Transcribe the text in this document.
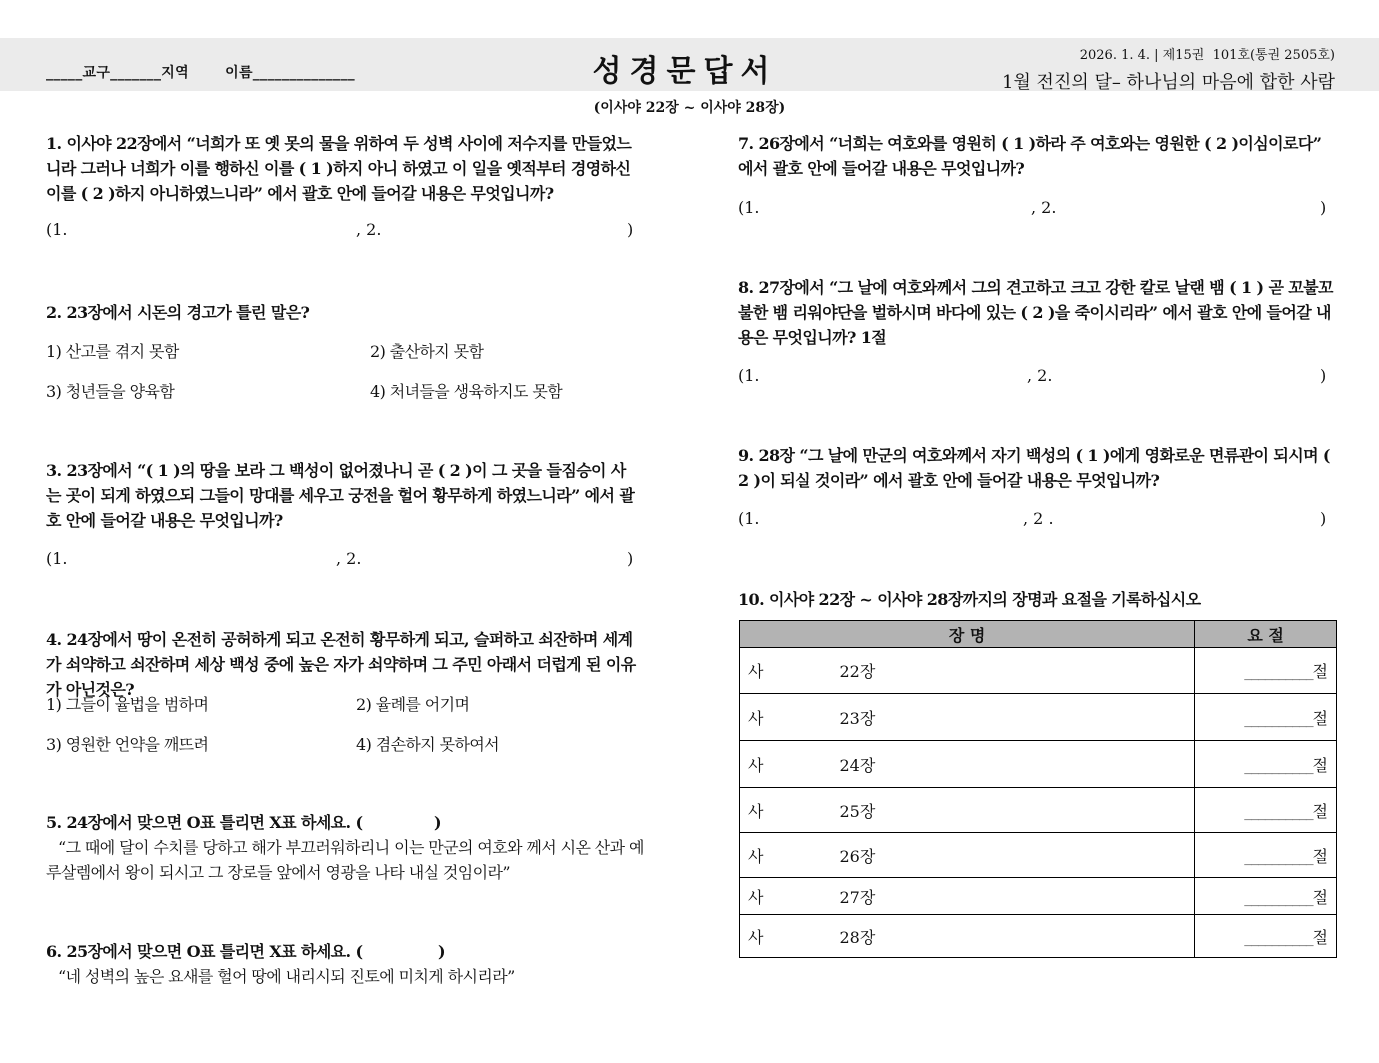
_____교구_______지역       이름______________	성경문답서	2026. 1. 4. | 제15권  101호(통권 2505호)
1월 전진의 달– 하나님의 마음에 합한 사람
(이사야 22장 ~ 이사야 28장)
1. 이사야 22장에서 “너희가 또 옛 못의 물을 위하여 두 성벽 사이에 저수지를 만들었느니라 그러나 너희가 이를 행하신 이를 ( 1 )하지 아니 하였고 이 일을 옛적부터 경영하신 이를 ( 2 )하지 아니하였느니라” 에서 괄호 안에 들어갈 내용은 무엇입니까?
(1.	, 2.	)
2. 23장에서 시돈의 경고가 틀린 말은?
1) 산고를 겪지 못함	2) 출산하지 못함
3) 청년들을 양육함	4) 처녀들을 생육하지도 못함
3. 23장에서 “( 1 )의 땅을 보라 그 백성이 없어졌나니 곧 ( 2 )이 그 곳을 들짐승이 사는 곳이 되게 하였으되 그들이 망대를 세우고 궁전을 헐어 황무하게 하였느니라” 에서 괄호 안에 들어갈 내용은 무엇입니까?
(1.	, 2.	)
4. 24장에서 땅이 온전히 공허하게 되고 온전히 황무하게 되고, 슬퍼하고 쇠잔하며 세계가 쇠약하고 쇠잔하며 세상 백성 중에 높은 자가 쇠약하며 그 주민 아래서 더럽게 된 이유가 아닌것은?
1) 그들이 율법을 범하며	2) 율례를 어기며
3) 영원한 언약을 깨뜨려	4) 겸손하지 못하여서
5. 24장에서 맞으면 O표 틀리면 X표 하세요. (	)
“그 때에 달이 수치를 당하고 해가 부끄러워하리니 이는 만군의 여호와 께서 시온 산과 예루살렘에서 왕이 되시고 그 장로들 앞에서 영광을 나타 내실 것임이라”
6. 25장에서 맞으면 O표 틀리면 X표 하세요. (	)
“네 성벽의 높은 요새를 헐어 땅에 내리시되 진토에 미치게 하시리라”
7. 26장에서 “너희는 여호와를 영원히 ( 1 )하라 주 여호와는 영원한 ( 2 )이심이로다” 에서 괄호 안에 들어갈 내용은 무엇입니까?
(1.	, 2.	)
8. 27장에서 “그 날에 여호와께서 그의 견고하고 크고 강한 칼로 날랜 뱀 ( 1 ) 곧 꼬불꼬불한 뱀 리워야단을 벌하시며 바다에 있는 ( 2 )을 죽이시리라” 에서 괄호 안에 들어갈 내용은 무엇입니까? 1절
(1.	, 2.	)
9. 28장 “그 날에 만군의 여호와께서 자기 백성의 ( 1 )에게 영화로운 면류관이 되시며 ( 2 )이 되실 것이라” 에서 괄호 안에 들어갈 내용은 무엇입니까?
(1.	, 2 .	)
10. 이사야 22장 ~ 이사야 28장까지의 장명과 요절을 기록하십시오
장 명	요 절
사 22장	__________절
사 23장	__________절
사 24장	__________절
사 25장	__________절
사 26장	__________절
사 27장	__________절
사 28장	__________절
